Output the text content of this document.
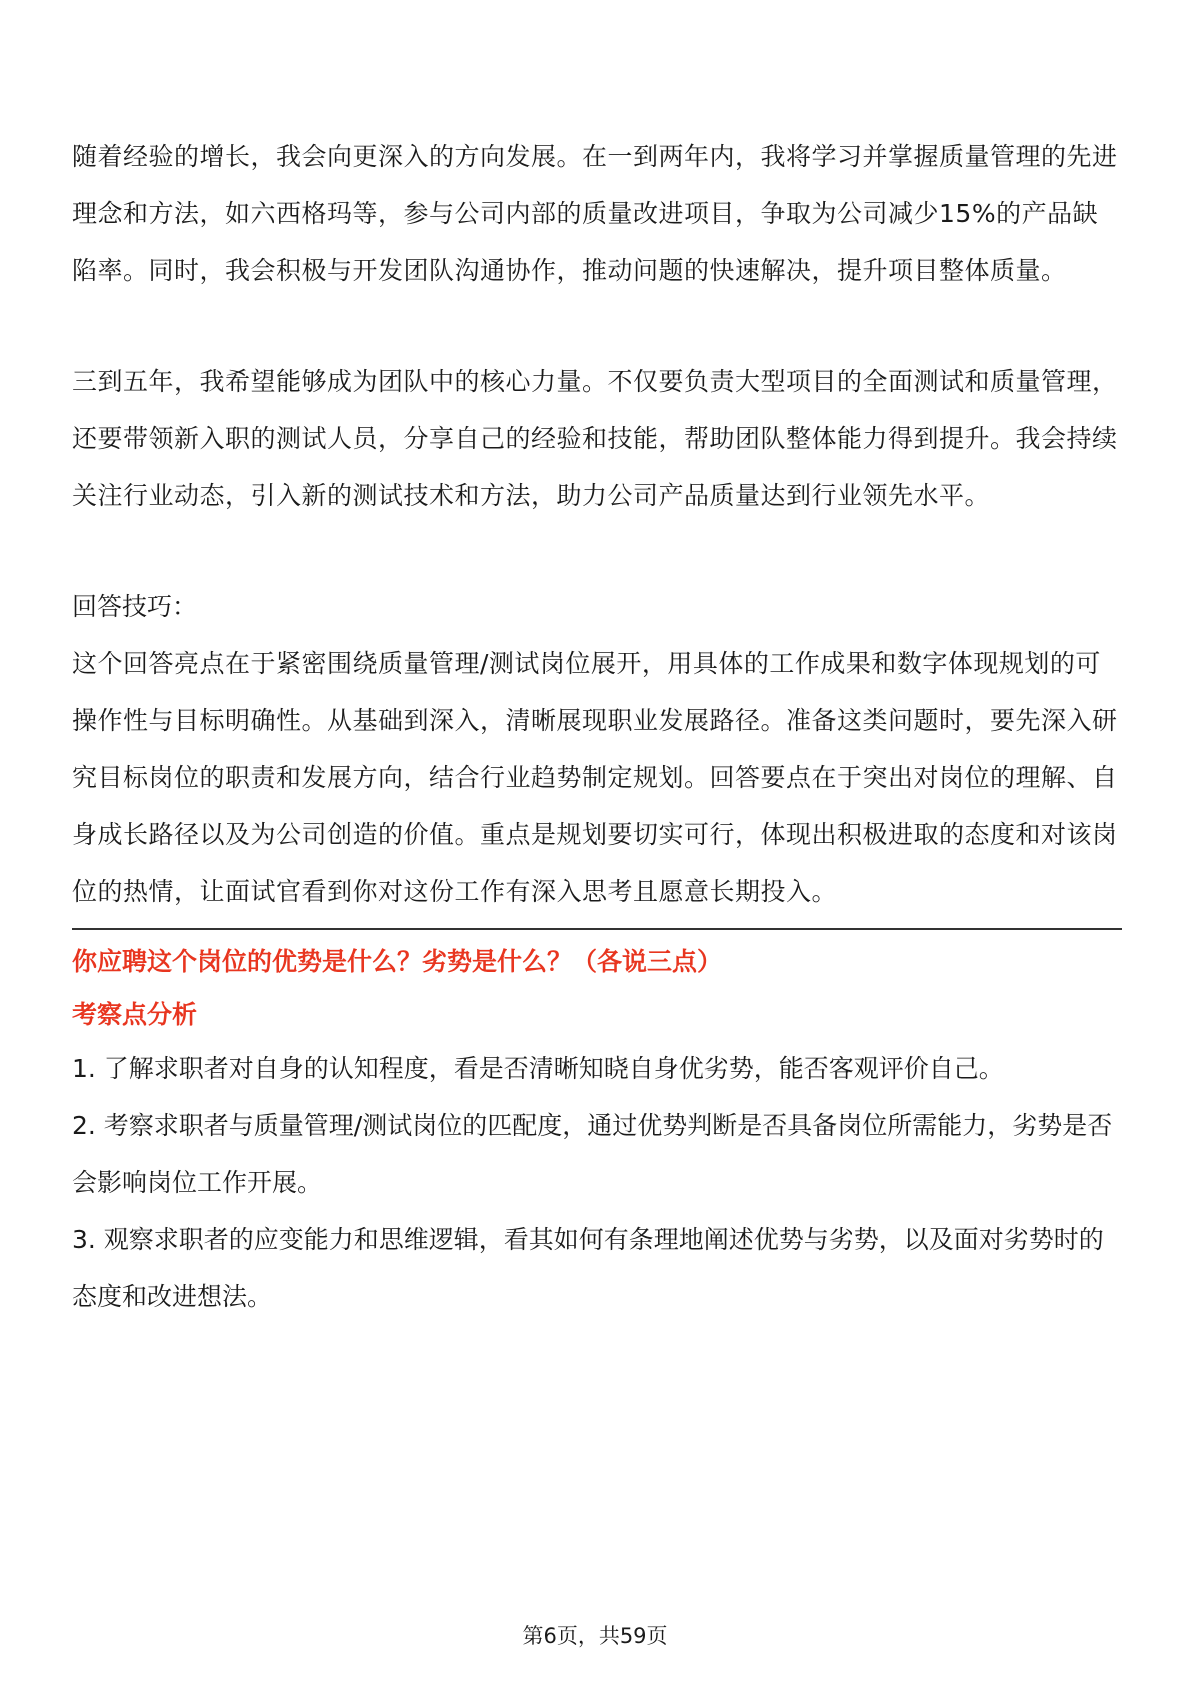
随着经验的增长，我会向更深入的方向发展。在一到两年内，我将学习并掌握质量管理的先进理念和方法，如六西格玛等，参与公司内部的质量改进项目，争取为公司减少15%的产品缺陷率。同时，我会积极与开发团队沟通协作，推动问题的快速解决，提升项目整体质量。

三到五年，我希望能够成为团队中的核心力量。不仅要负责大型项目的全面测试和质量管理，还要带领新入职的测试人员，分享自己的经验和技能，帮助团队整体能力得到提升。我会持续关注行业动态，引入新的测试技术和方法，助力公司产品质量达到行业领先水平。

回答技巧：

这个回答亮点在于紧密围绕质量管理/测试岗位展开，用具体的工作成果和数字体现规划的可操作性与目标明确性。从基础到深入，清晰展现职业发展路径。准备这类问题时，要先深入研究目标岗位的职责和发展方向，结合行业趋势制定规划。回答要点在于突出对岗位的理解、自身成长路径以及为公司创造的价值。重点是规划要切实可行，体现出积极进取的态度和对该岗位的热情，让面试官看到你对这份工作有深入思考且愿意长期投入。

你应聘这个岗位的优势是什么？劣势是什么？（各说三点）

考察点分析

1. 了解求职者对自身的认知程度，看是否清晰知晓自身优劣势，能否客观评价自己。

2. 考察求职者与质量管理/测试岗位的匹配度，通过优势判断是否具备岗位所需能力，劣势是否会影响岗位工作开展。

3. 观察求职者的应变能力和思维逻辑，看其如何有条理地阐述优势与劣势，以及面对劣势时的态度和改进想法。

第6页，共59页
